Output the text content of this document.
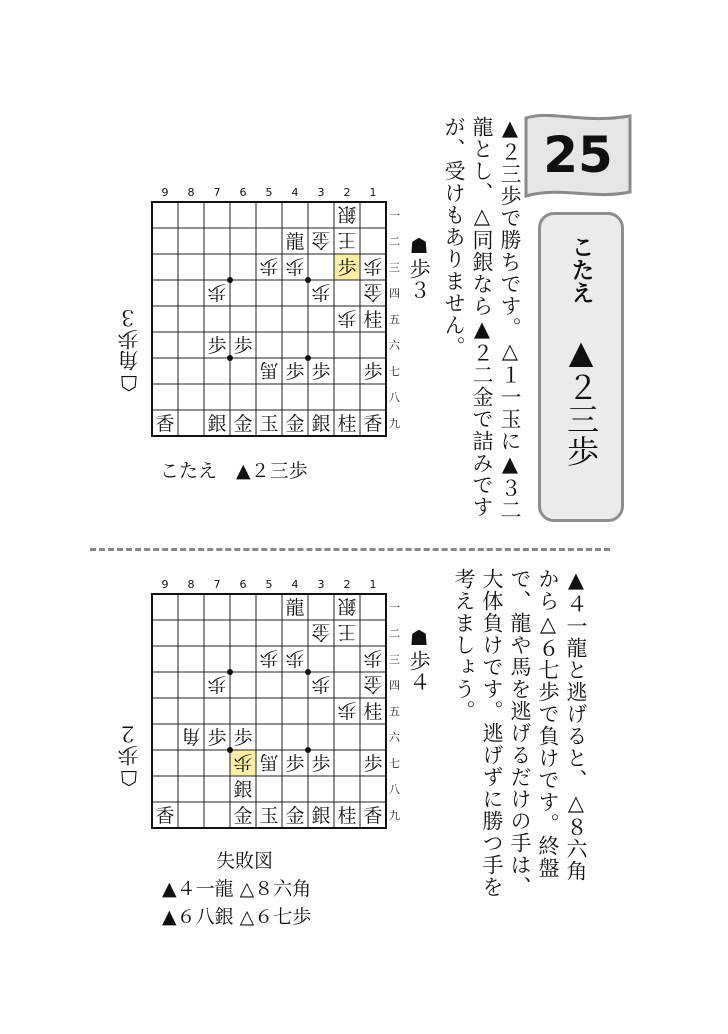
25
こたえ
▲２三歩
▲２三歩で勝ちです。△１一玉に▲３二龍とし、△同銀なら▲２二金で詰みですが、受けもありません。
9 8 7 6 5 4 3 2 1
一
二
三
四
五
六
七
八
九
銀
龍 金 王
歩 歩 歩 歩
歩	歩 金
歩 桂
歩 歩
馬 歩 歩 歩
香 銀 金 玉 金 銀 桂 香
☗歩３
☖角歩３
こたえ　▲２三歩
▲４一龍と逃げると、△８六角から△６七歩で負けです。終盤で、龍や馬を逃げるだけの手は、大体負けです。逃げずに勝つ手を考えましょう。
9 8 7 6 5 4 3 2 1
一
二
三
四
五
六
七
八
九
龍 銀
金 王
歩 歩	歩
歩	歩 金
歩 桂
角 歩 歩
歩 馬 歩 歩 歩
銀
香	金 玉 金 銀 桂 香
☗歩４
☖歩２
失敗図
▲４一龍 △８六角
▲６八銀 △６七歩
